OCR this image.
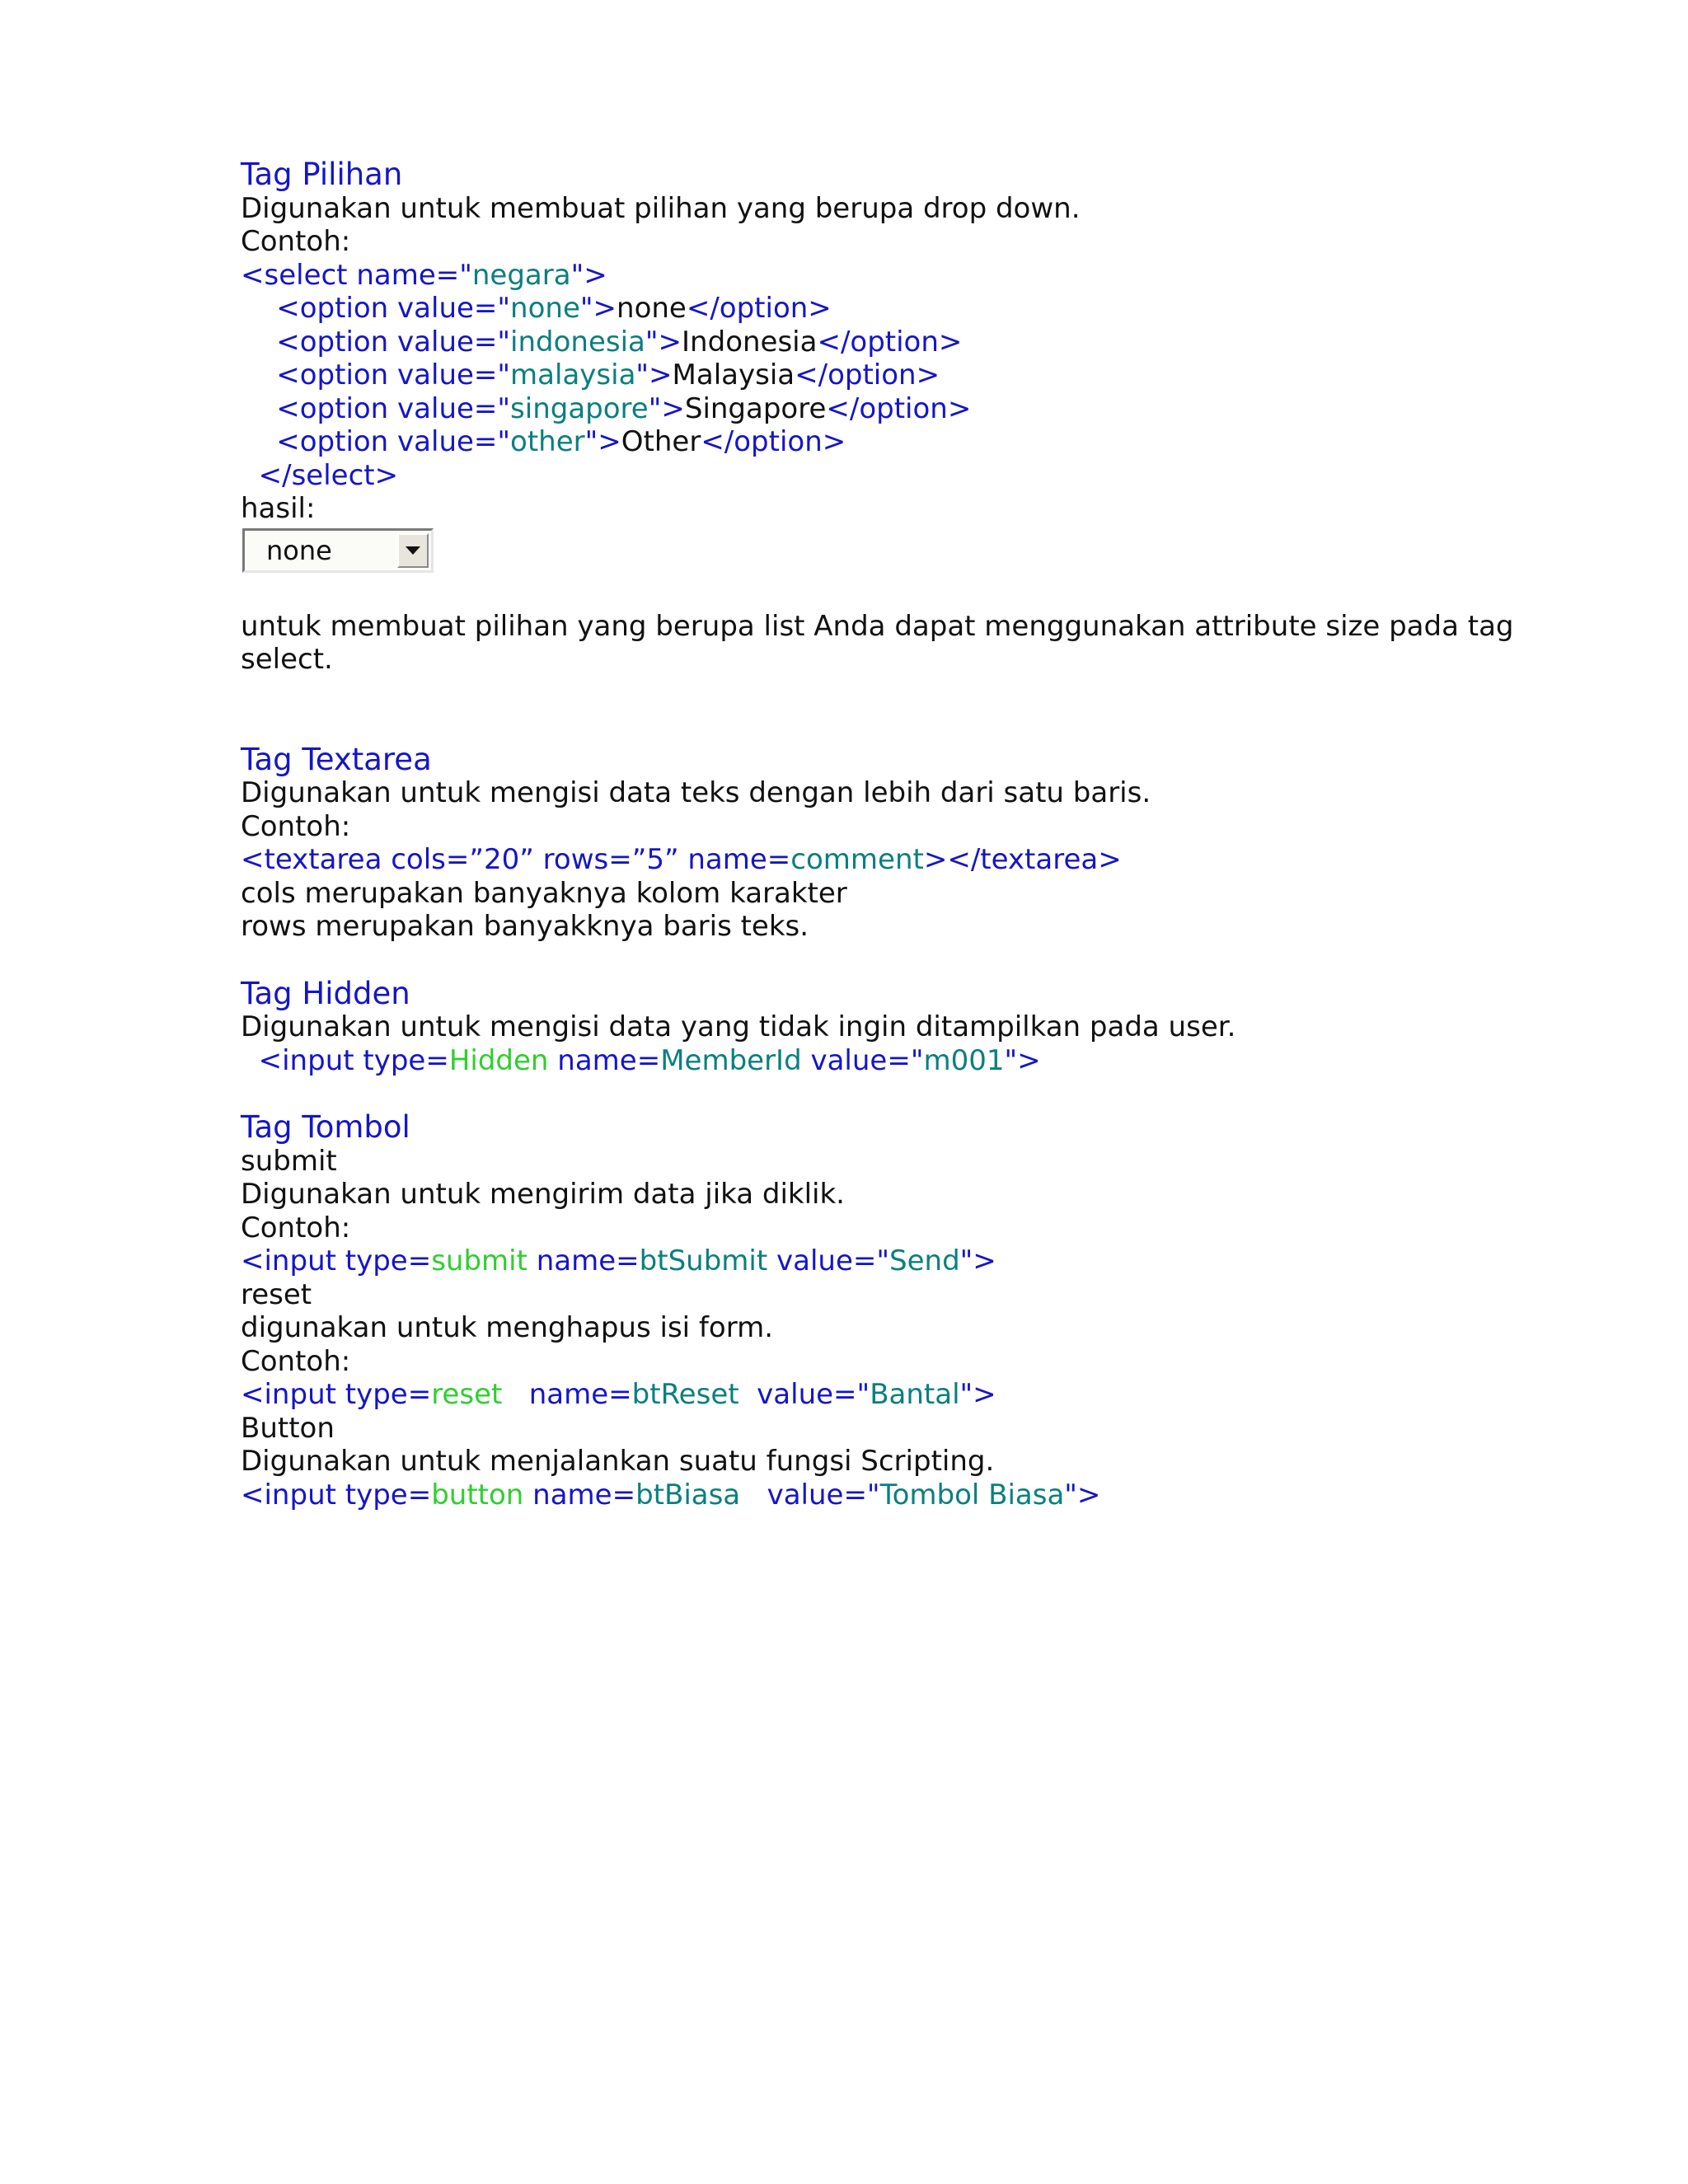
Tag Pilihan
Digunakan untuk membuat pilihan yang berupa drop down.
Contoh:
<select name="negara">
<option value="none">none</option>
<option value="indonesia">Indonesia</option>
<option value="malaysia">Malaysia</option>
<option value="singapore">Singapore</option>
<option value="other">Other</option>
</select>
hasil:
none
untuk membuat pilihan yang berupa list Anda dapat menggunakan attribute size pada tag select.
Tag Textarea
Digunakan untuk mengisi data teks dengan lebih dari satu baris.
Contoh:
<textarea cols=”20” rows=”5” name=comment></textarea>
cols merupakan banyaknya kolom karakter
rows merupakan banyakknya baris teks.
Tag Hidden
Digunakan untuk mengisi data yang tidak ingin ditampilkan pada user.
<input type=Hidden name=MemberId value="m001">
Tag Tombol
submit
Digunakan untuk mengirim data jika diklik.
Contoh:
<input type=submit name=btSubmit value="Send">
reset
digunakan untuk menghapus isi form.
Contoh:
<input type=reset   name=btReset  value="Bantal">
Button
Digunakan untuk menjalankan suatu fungsi Scripting.
<input type=button name=btBiasa   value="Tombol Biasa">
